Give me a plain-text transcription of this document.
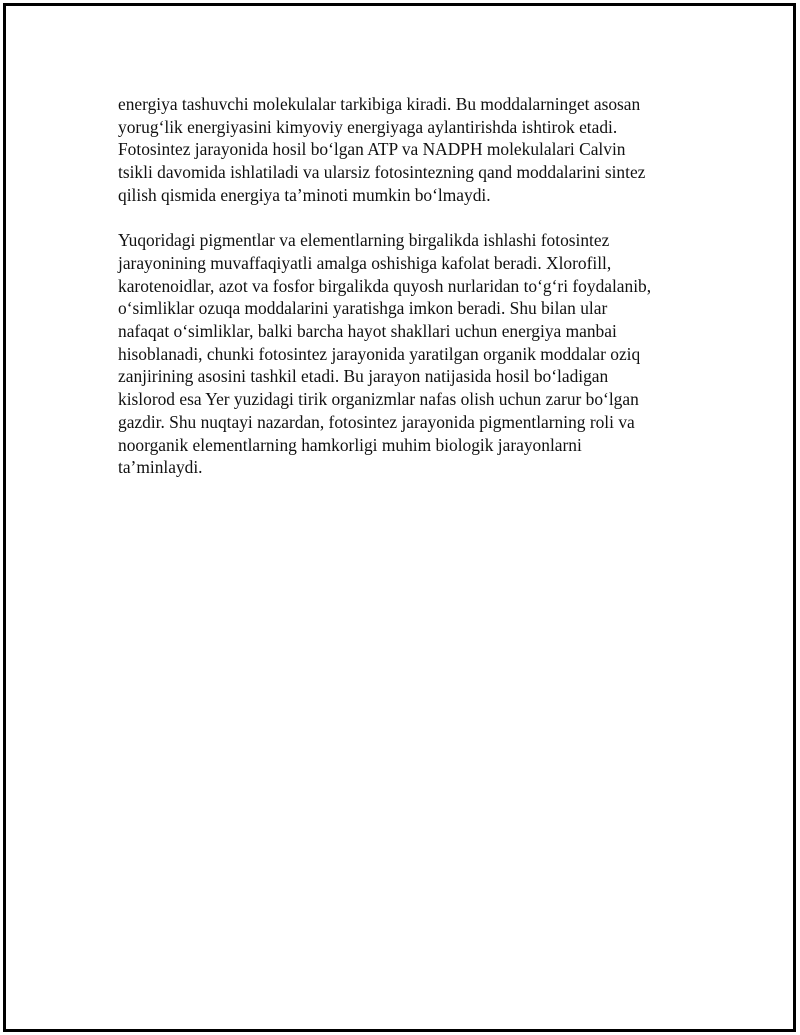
energiya tashuvchi molekulalar tarkibiga kiradi. Bu moddalarninget asosan
yorug‘lik energiyasini kimyoviy energiyaga aylantirishda ishtirok etadi.
Fotosintez jarayonida hosil bo‘lgan ATP va NADPH molekulalari Calvin
tsikli davomida ishlatiladi va ularsiz fotosintezning qand moddalarini sintez
qilish qismida energiya ta’minoti mumkin bo‘lmaydi.

Yuqoridagi pigmentlar va elementlarning birgalikda ishlashi fotosintez
jarayonining muvaffaqiyatli amalga oshishiga kafolat beradi. Xlorofill,
karotenoidlar, azot va fosfor birgalikda quyosh nurlaridan to‘g‘ri foydalanib,
o‘simliklar ozuqa moddalarini yaratishga imkon beradi. Shu bilan ular
nafaqat o‘simliklar, balki barcha hayot shakllari uchun energiya manbai
hisoblanadi, chunki fotosintez jarayonida yaratilgan organik moddalar oziq
zanjirining asosini tashkil etadi. Bu jarayon natijasida hosil bo‘ladigan
kislorod esa Yer yuzidagi tirik organizmlar nafas olish uchun zarur bo‘lgan
gazdir. Shu nuqtayi nazardan, fotosintez jarayonida pigmentlarning roli va
noorganik elementlarning hamkorligi muhim biologik jarayonlarni
ta’minlaydi.
